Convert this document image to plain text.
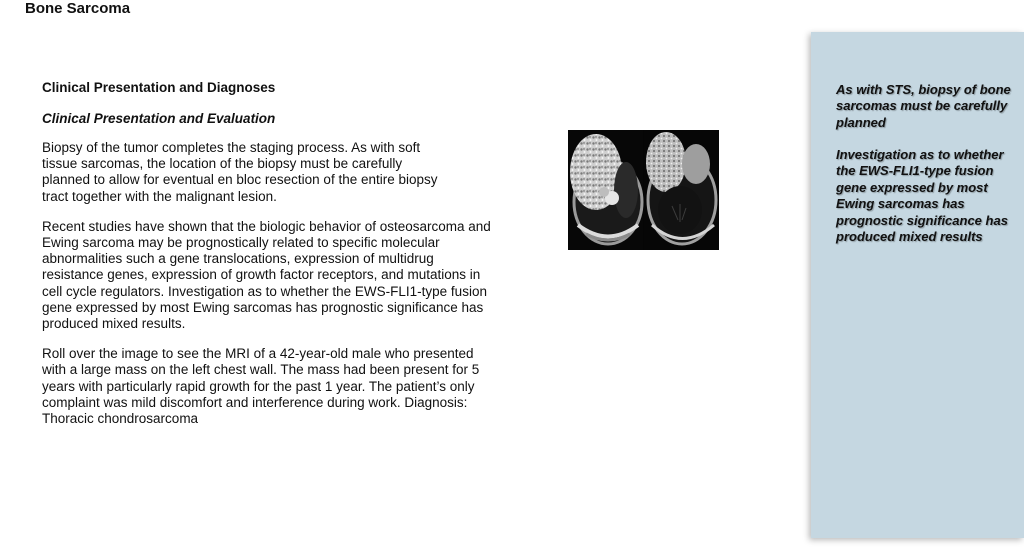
Bone Sarcoma
Clinical Presentation and Diagnoses
Clinical Presentation and Evaluation

Biopsy of the tumor completes the staging process. As with soft tissue sarcomas, the location of the biopsy must be carefully planned to allow for eventual en bloc resection of the entire biopsy tract together with the malignant lesion.

Recent studies have shown that the biologic behavior of osteosarcoma and Ewing sarcoma may be prognostically related to specific molecular abnormalities such a gene translocations, expression of multidrug resistance genes, expression of growth factor receptors, and mutations in cell cycle regulators. Investigation as to whether the EWS-FLI1-type fusion gene expressed by most Ewing sarcomas has prognostic significance has produced mixed results.

Roll over the image to see the MRI of a 42-year-old male who presented with a large mass on the left chest wall. The mass had been present for 5 years with particularly rapid growth for the past 1 year. The patient’s only complaint was mild discomfort and interference during work. Diagnosis: Thoracic chondrosarcoma

As with STS, biopsy of bone sarcomas must be carefully planned

Investigation as to whether the EWS-FLI1-type fusion gene expressed by most Ewing sarcomas has prognostic significance has produced mixed results
